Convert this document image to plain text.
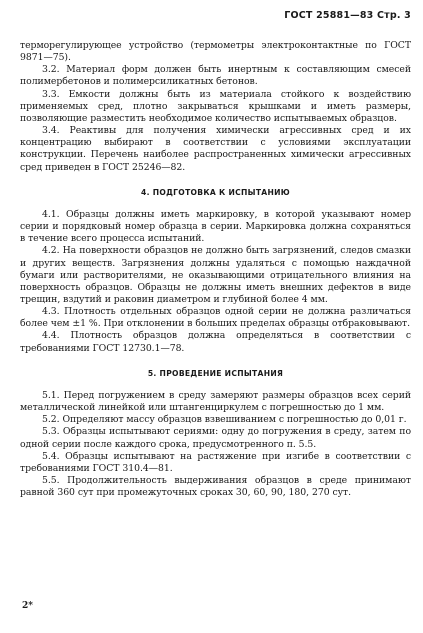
ГОСТ 25881—83 Стр. 3

терморегулирующее устройство (термометры электроконтактные по ГОСТ 9871—75).

3.2. Материал форм должен быть инертным к составляющим смесей полимербетонов и полимерсиликатных бетонов.

3.3. Емкости должны быть из материала стойкого к воздействию применяемых сред, плотно закрываться крышками и иметь размеры, позволяющие разместить необходимое количество испытываемых образцов.

3.4. Реактивы для получения химически агрессивных сред и их концентрацию выбирают в соответствии с условиями эксплуатации конструкции. Перечень наиболее распространенных химически агрессивных сред приведен в ГОСТ 25246—82.

4. ПОДГОТОВКА К ИСПЫТАНИЮ

4.1. Образцы должны иметь маркировку, в которой указывают номер серии и порядковый номер образца в серии. Маркировка должна сохраняться в течение всего процесса испытаний.

4.2. На поверхности образцов не должно быть загрязнений, следов смазки и других веществ. Загрязнения должны удаляться с помощью наждачной бумаги или растворителями, не оказывающими отрицательного влияния на поверхность образцов. Образцы не должны иметь внешних дефектов в виде трещин, вздутий и раковин диаметром и глубиной более 4 мм.

4.3. Плотность отдельных образцов одной серии не должна различаться более чем ±1 %. При отклонении в больших пределах образцы отбраковывают.

4.4. Плотность образцов должна определяться в соответствии с требованиями ГОСТ 12730.1—78.

5. ПРОВЕДЕНИЕ ИСПЫТАНИЯ

5.1. Перед погружением в среду замеряют размеры образцов всех серий металлической линейкой или штангенциркулем с погрешностью до 1 мм.

5.2. Определяют массу образцов взвешиванием с погрешностью до 0,01 г.

5.3. Образцы испытывают сериями: одну до погружения в среду, затем по одной серии после каждого срока, предусмотренного п. 5.5.

5.4. Образцы испытывают на растяжение при изгибе в соответствии с требованиями ГОСТ 310.4—81.

5.5. Продолжительность выдерживания образцов в среде принимают равной 360 сут при промежуточных сроках 30, 60, 90, 180, 270 сут.

2*
